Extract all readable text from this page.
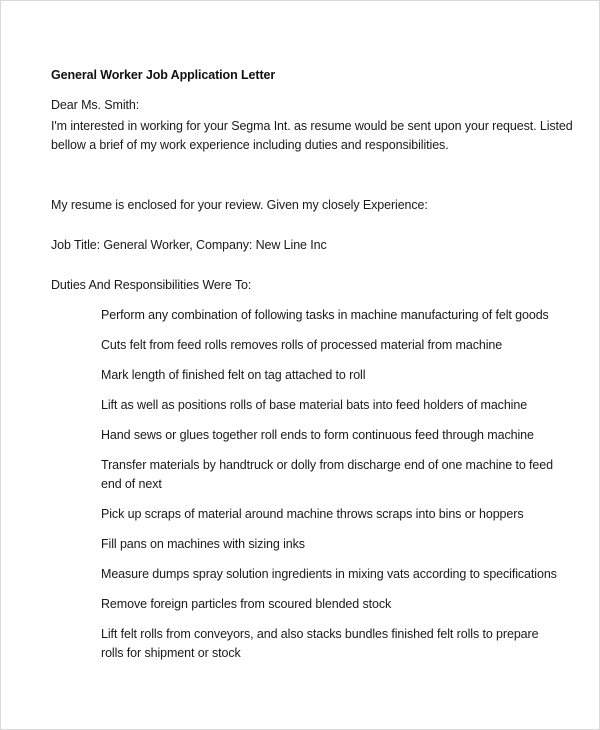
General Worker Job Application Letter
Dear Ms. Smith:
I'm interested in working for your Segma Int. as resume would be sent upon your request. Listed
bellow a brief of my work experience including duties and responsibilities.
My resume is enclosed for your review. Given my closely Experience:
Job Title: General Worker, Company: New Line Inc
Duties And Responsibilities Were To:
Perform any combination of following tasks in machine manufacturing of felt goods
Cuts felt from feed rolls removes rolls of processed material from machine
Mark length of finished felt on tag attached to roll
Lift as well as positions rolls of base material bats into feed holders of machine
Hand sews or glues together roll ends to form continuous feed through machine
Transfer materials by handtruck or dolly from discharge end of one machine to feed end of next
Pick up scraps of material around machine throws scraps into bins or hoppers
Fill pans on machines with sizing inks
Measure dumps spray solution ingredients in mixing vats according to specifications
Remove foreign particles from scoured blended stock
Lift felt rolls from conveyors, and also stacks bundles finished felt rolls to prepare rolls for shipment or stock
